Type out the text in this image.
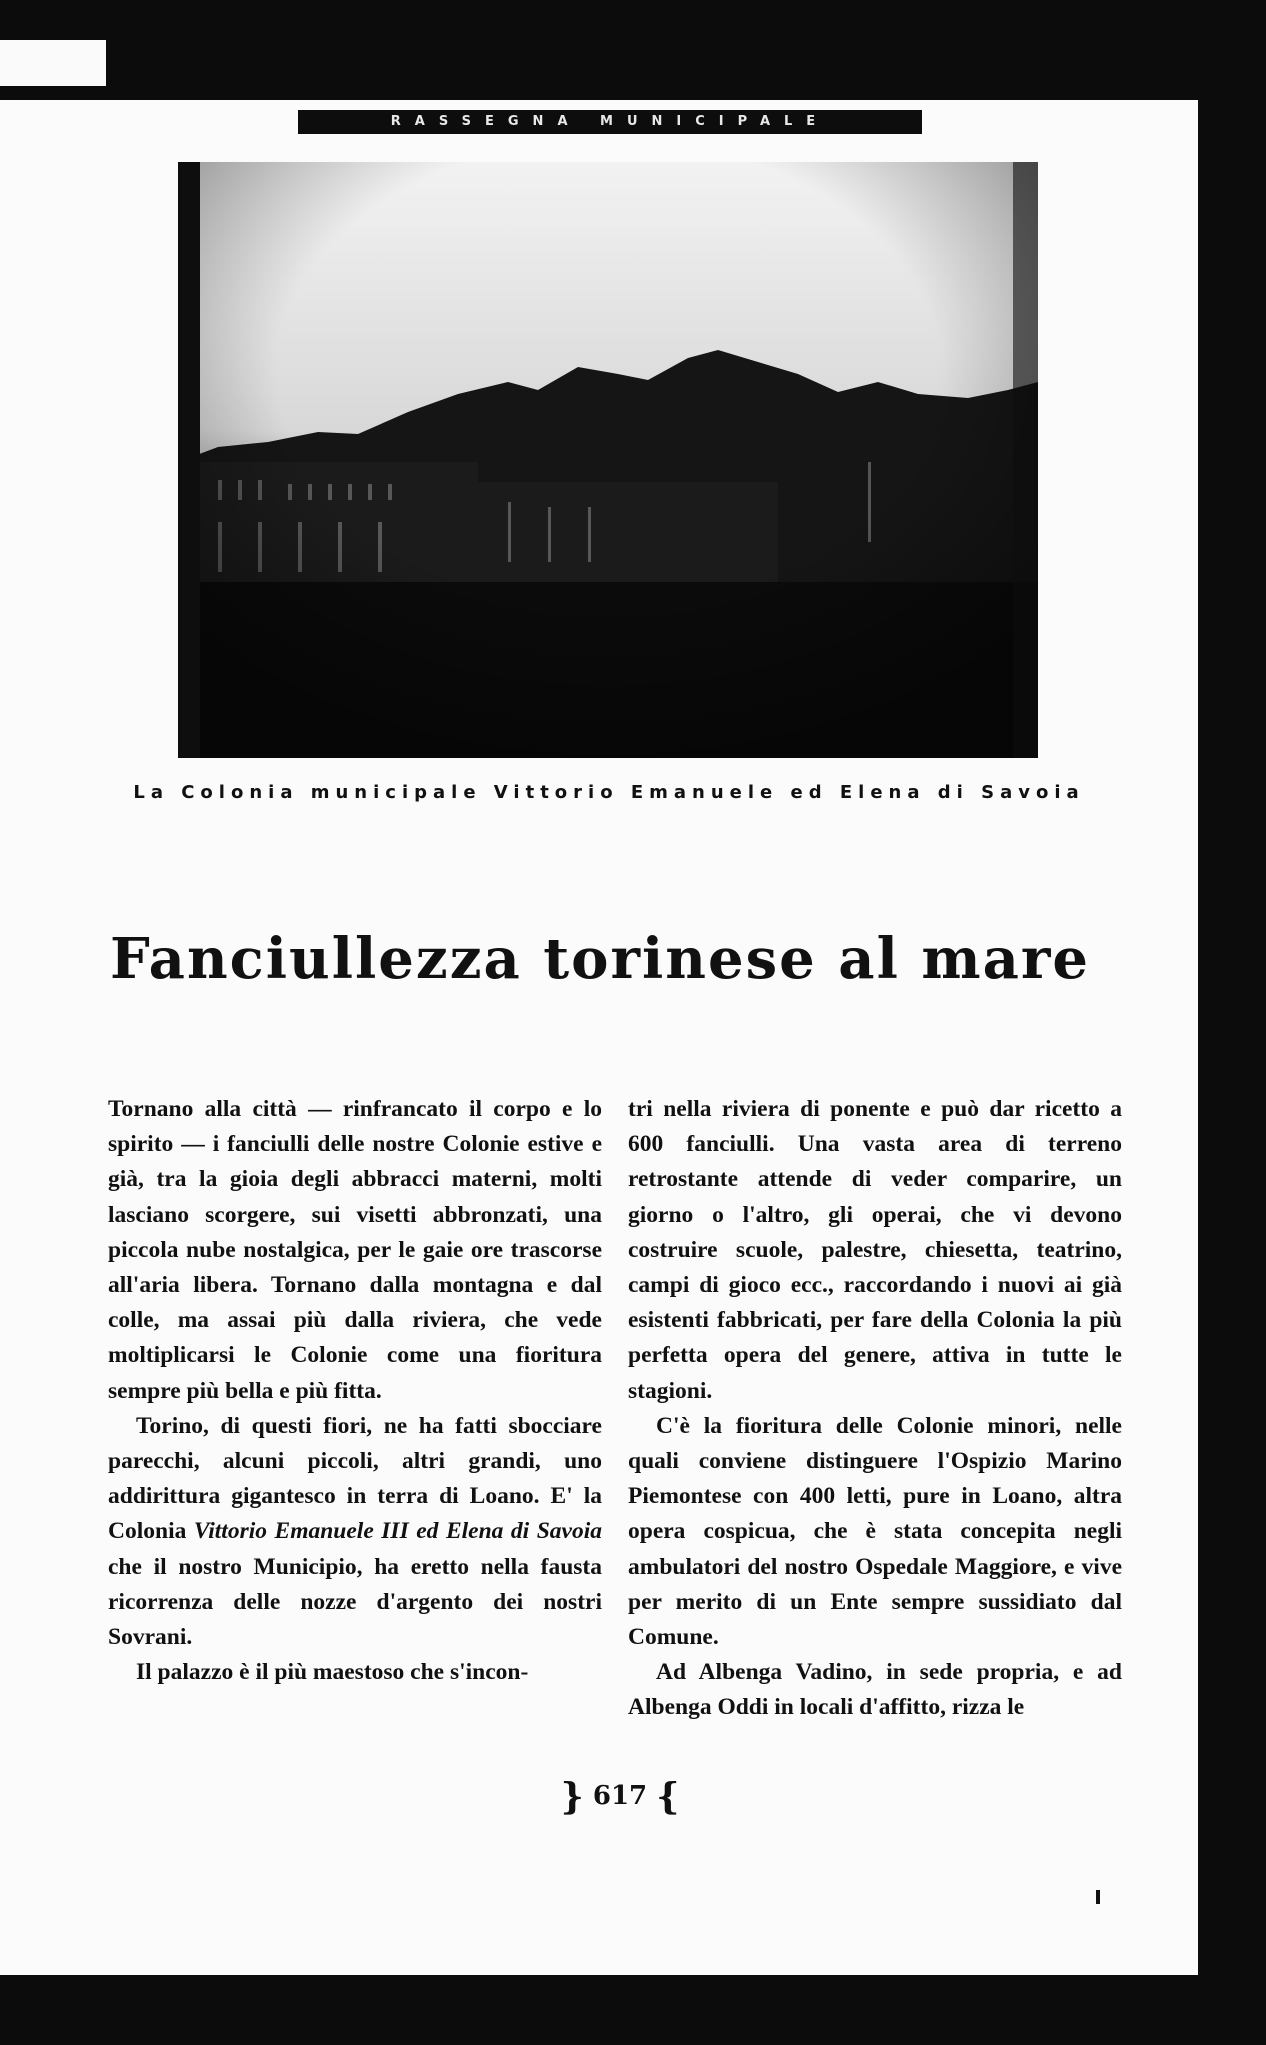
RASSEGNA MUNICIPALE
La Colonia municipale Vittorio Emanuele ed Elena di Savoia
Fanciullezza torinese al mare

Tornano alla città — rinfrancato il corpo e lo spirito — i fanciulli delle nostre Colonie estive e già, tra la gioia degli abbracci materni, molti lasciano scorgere, sui visetti abbronzati, una piccola nube nostalgica, per le gaie ore trascorse all'aria libera. Tornano dalla montagna e dal colle, ma assai più dalla riviera, che vede moltiplicarsi le Colonie come una fioritura sempre più bella e più fitta.

Torino, di questi fiori, ne ha fatti sbocciare parecchi, alcuni piccoli, altri grandi, uno addirittura gigantesco in terra di Loano. E' la Colonia Vittorio Emanuele III ed Elena di Savoia che il nostro Municipio, ha eretto nella fausta ricorrenza delle nozze d'argento dei nostri Sovrani.

Il palazzo è il più maestoso che s'incon-

tri nella riviera di ponente e può dar ricetto a 600 fanciulli. Una vasta area di terreno retrostante attende di veder comparire, un giorno o l'altro, gli operai, che vi devono costruire scuole, palestre, chiesetta, teatrino, campi di gioco ecc., raccordando i nuovi ai già esistenti fabbricati, per fare della Colonia la più perfetta opera del genere, attiva in tutte le stagioni.

C'è la fioritura delle Colonie minori, nelle quali conviene distinguere l'Ospizio Marino Piemontese con 400 letti, pure in Loano, altra opera cospicua, che è stata concepita negli ambulatori del nostro Ospedale Maggiore, e vive per merito di un Ente sempre sussidiato dal Comune.

Ad Albenga Vadino, in sede propria, e ad Albenga Oddi in locali d'affitto, rizza le

} 617 {
